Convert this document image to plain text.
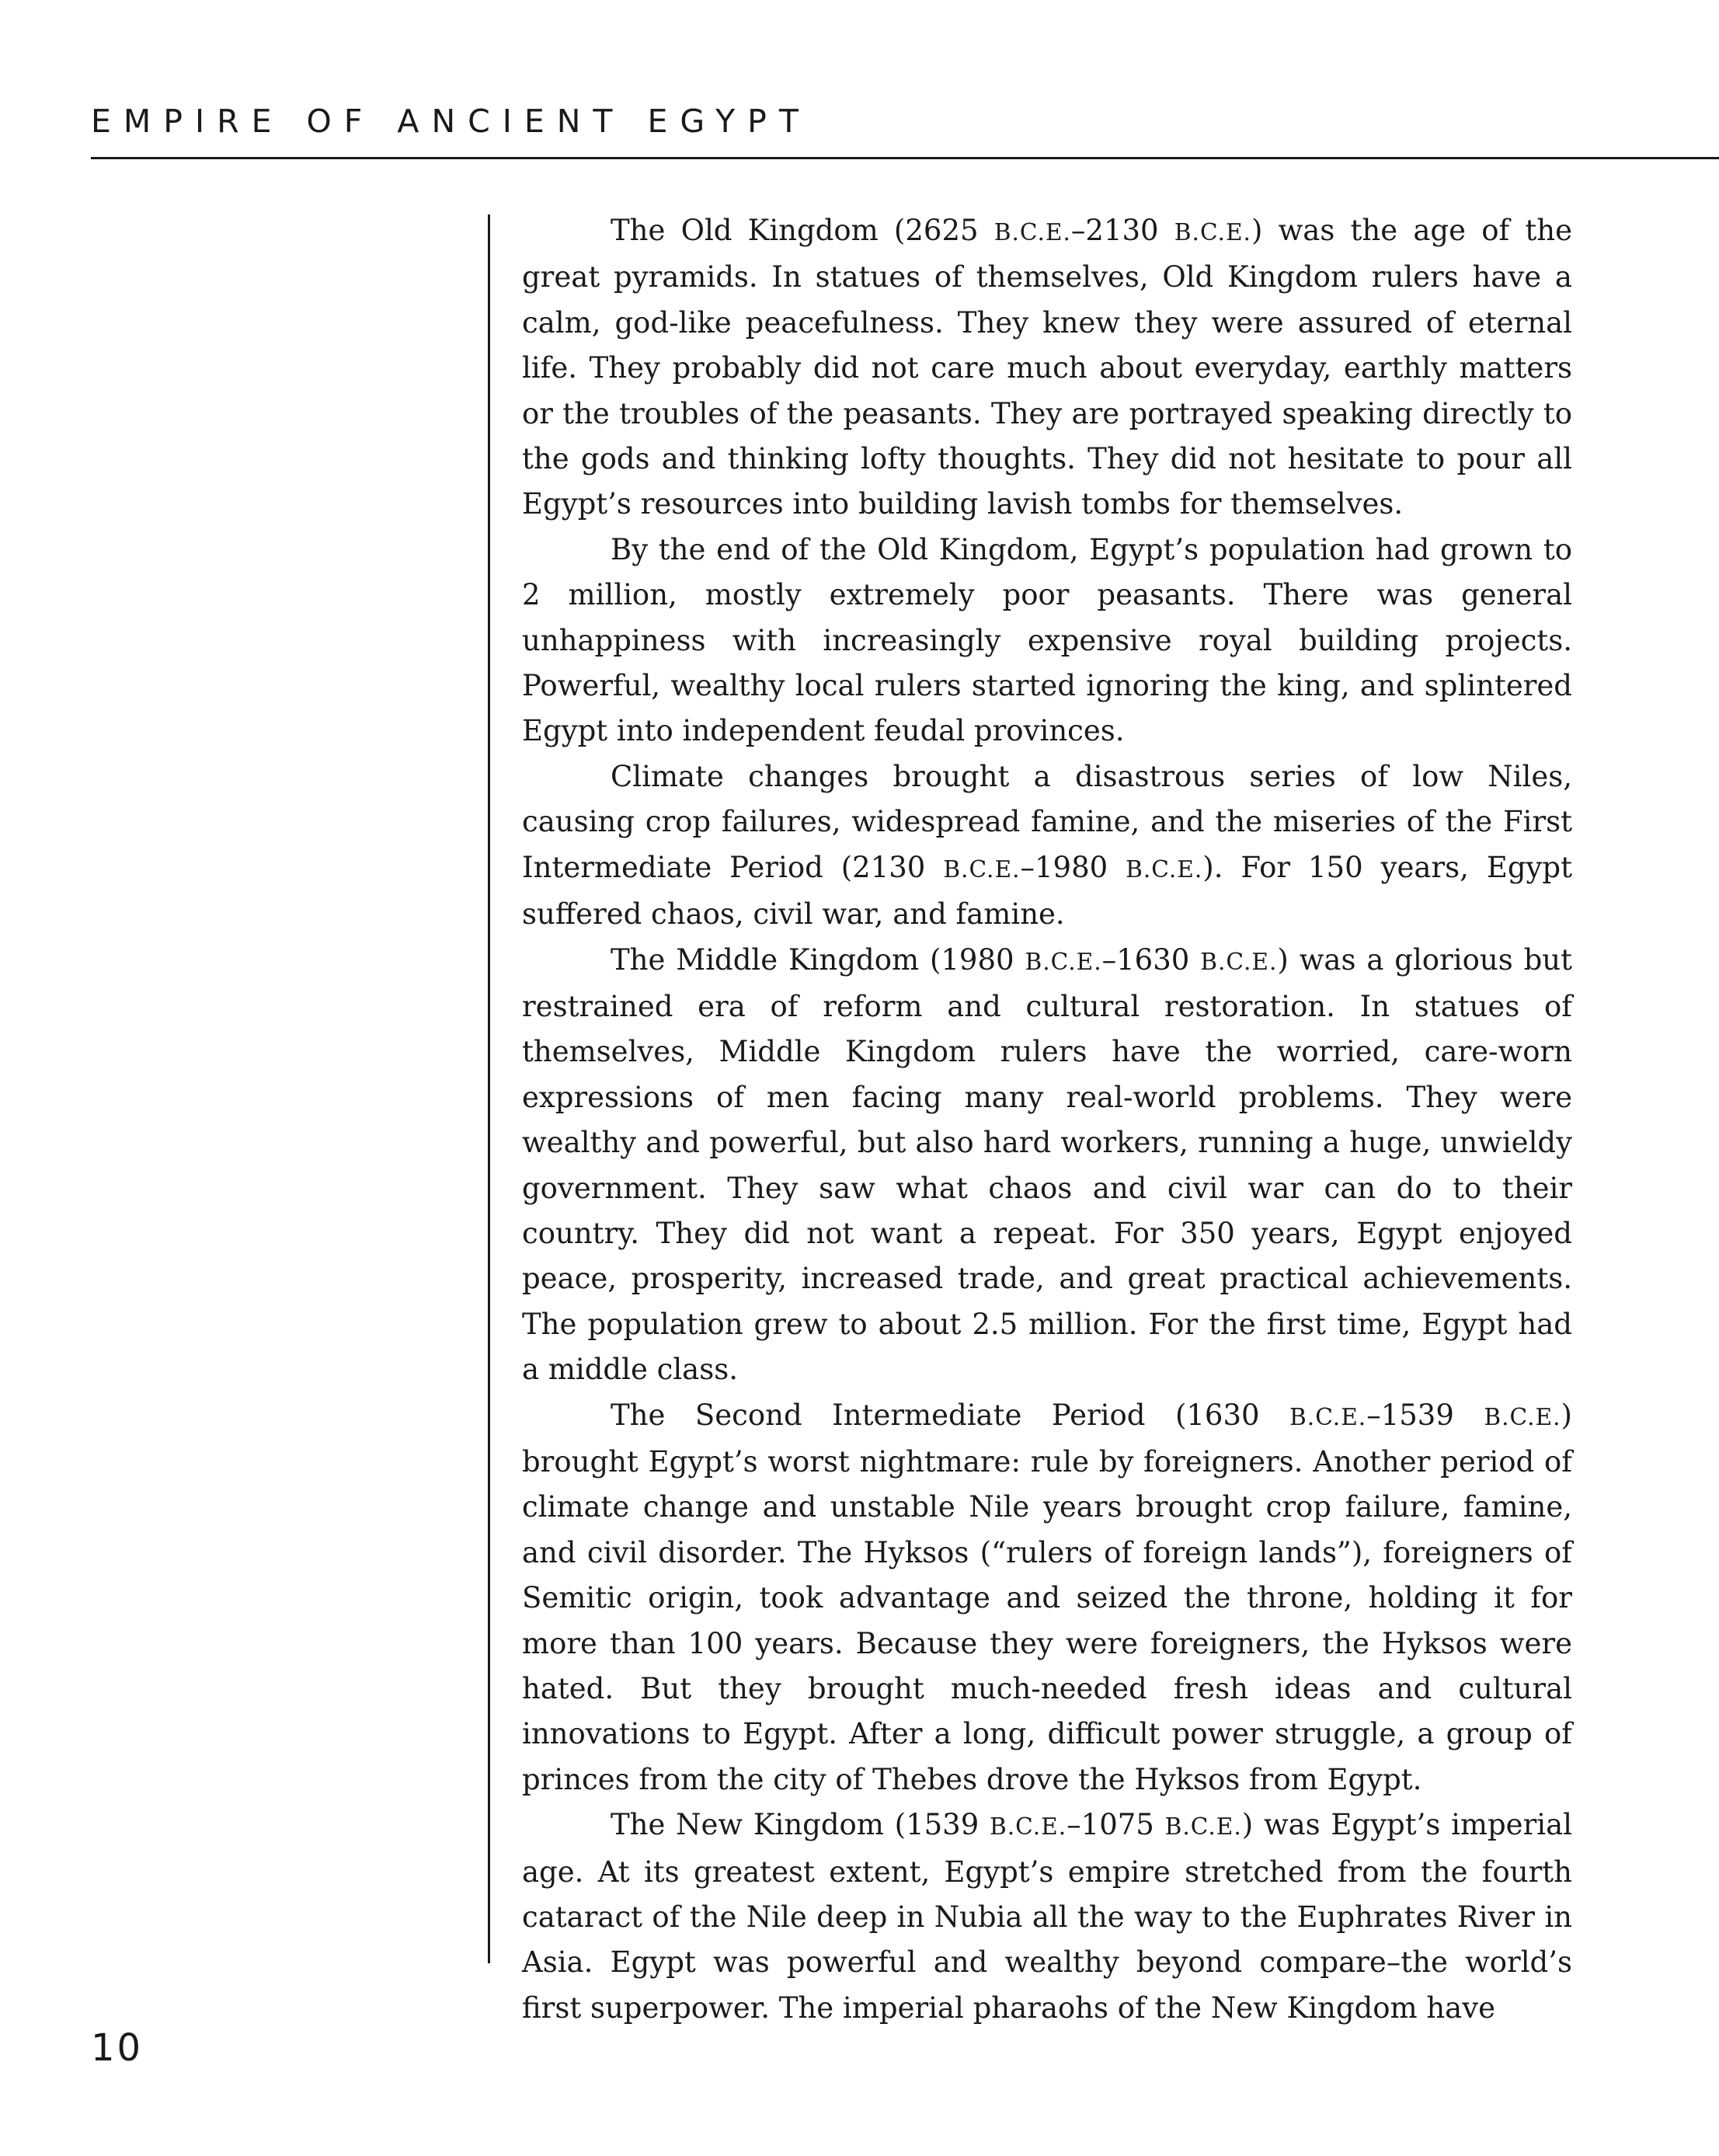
EMPIRE OF ANCIENT EGYPT

The Old Kingdom (2625 B.C.E.–2130 B.C.E.) was the age of the great pyramids. In statues of themselves, Old Kingdom rulers have a calm, god-like peacefulness. They knew they were assured of eternal life. They probably did not care much about everyday, earthly matters or the troubles of the peasants. They are portrayed speaking directly to the gods and thinking lofty thoughts. They did not hesitate to pour all Egypt’s resources into building lavish tombs for themselves.

By the end of the Old Kingdom, Egypt’s population had grown to 2 million, mostly extremely poor peasants. There was general unhappiness with increasingly expensive royal building projects. Powerful, wealthy local rulers started ignoring the king, and splintered Egypt into independent feudal provinces.

Climate changes brought a disastrous series of low Niles, causing crop failures, widespread famine, and the miseries of the First Intermediate Period (2130 B.C.E.–1980 B.C.E.). For 150 years, Egypt suffered chaos, civil war, and famine.

The Middle Kingdom (1980 B.C.E.–1630 B.C.E.) was a glorious but restrained era of reform and cultural restoration. In statues of themselves, Middle Kingdom rulers have the worried, care-worn expressions of men facing many real-world problems. They were wealthy and powerful, but also hard workers, running a huge, unwieldy government. They saw what chaos and civil war can do to their country. They did not want a repeat. For 350 years, Egypt enjoyed peace, prosperity, increased trade, and great practical achievements. The population grew to about 2.5 million. For the first time, Egypt had a middle class.

The Second Intermediate Period (1630 B.C.E.–1539 B.C.E.) brought Egypt’s worst nightmare: rule by foreigners. Another period of climate change and unstable Nile years brought crop failure, famine, and civil disorder. The Hyksos (“rulers of foreign lands”), foreigners of Semitic origin, took advantage and seized the throne, holding it for more than 100 years. Because they were foreigners, the Hyksos were hated. But they brought much-needed fresh ideas and cultural innovations to Egypt. After a long, difficult power struggle, a group of princes from the city of Thebes drove the Hyksos from Egypt.

The New Kingdom (1539 B.C.E.–1075 B.C.E.) was Egypt’s imperial age. At its greatest extent, Egypt’s empire stretched from the fourth cataract of the Nile deep in Nubia all the way to the Euphrates River in Asia. Egypt was powerful and wealthy beyond compare–the world’s first superpower. The imperial pharaohs of the New Kingdom have

10
